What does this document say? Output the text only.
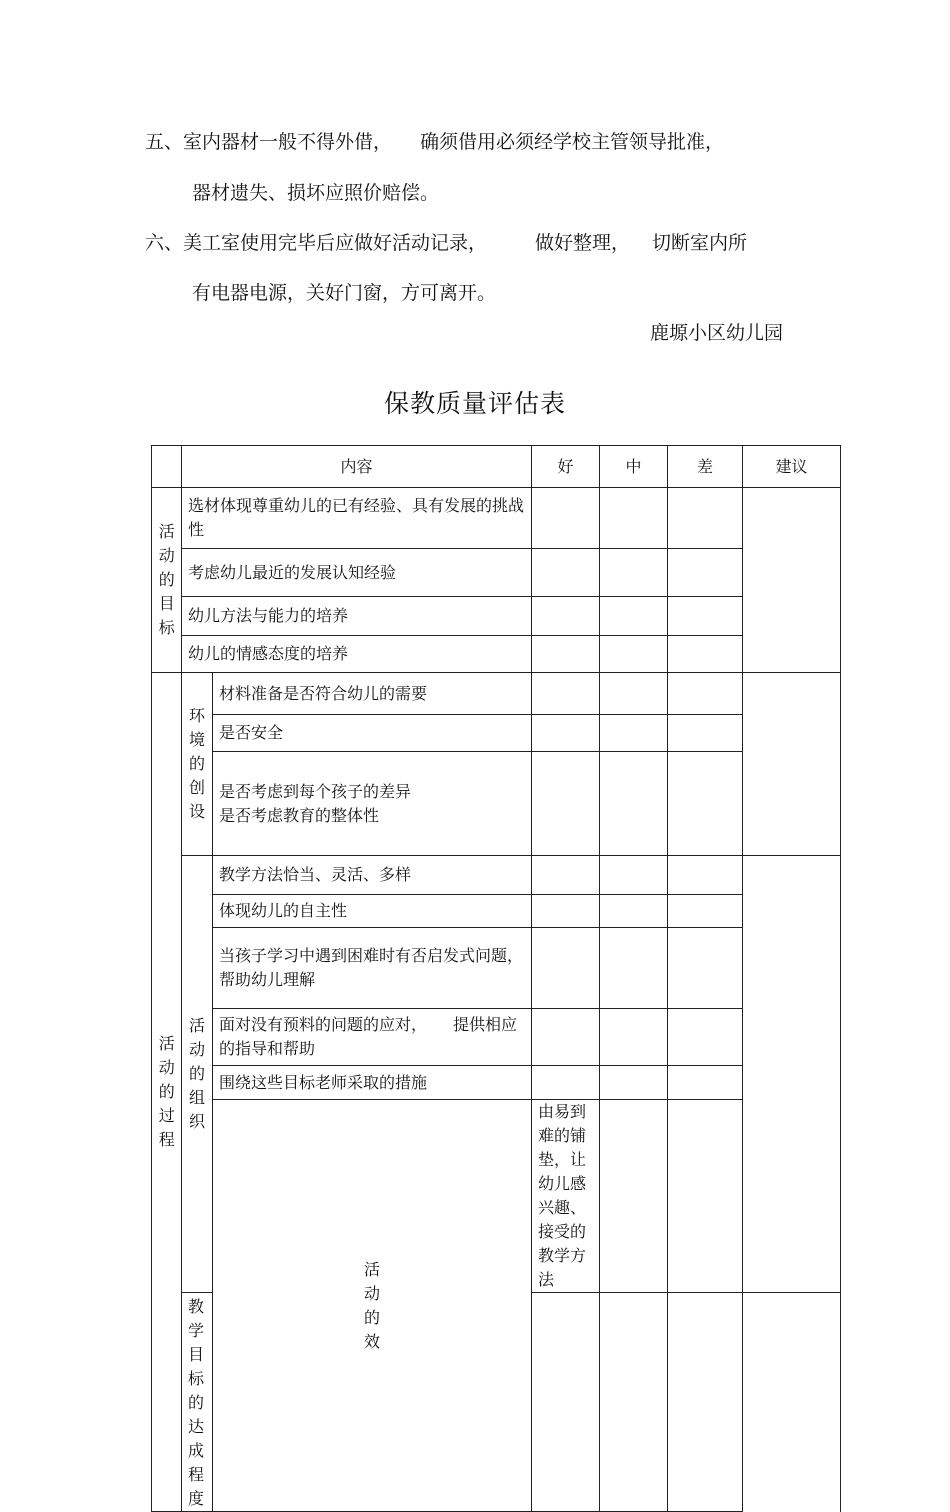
五、室内器材一般不得外借， 确须借用必须经学校主管领导批准，
器材遗失、损坏应照价赔偿。
六、美工室使用完毕后应做好活动记录，	做好整理， 切断室内所
有电器电源，关好门窗，方可离开。
鹿塬小区幼儿园
保教质量评估表
	内容		好	中	差	建议	
活动的目标	选材体现尊重幼儿的已有经验、具有发展的挑战性						
	考虑幼儿最近的发展认知经验						
	幼儿方法与能力的培养						
	幼儿的情感态度的培养						
活动的过程	环境的创设	材料准备是否符合幼儿的需要					
		是否安全					

		是否考虑到每个孩子的差异
是否考虑教育的整体性					

	活动的组织	教学方法恰当、灵活、多样					
		体现幼儿的自主性					
		当孩子学习中遇到困难时有否启发式问题，帮助幼儿理解					
		面对没有预料的问题的应对， 提供相应的指导和帮助					
		围绕这些目标老师采取的措施					
		活动的效	由易到难的铺垫，让幼儿感兴趣、接受的教学方法				
	教学目标的达成程度						
